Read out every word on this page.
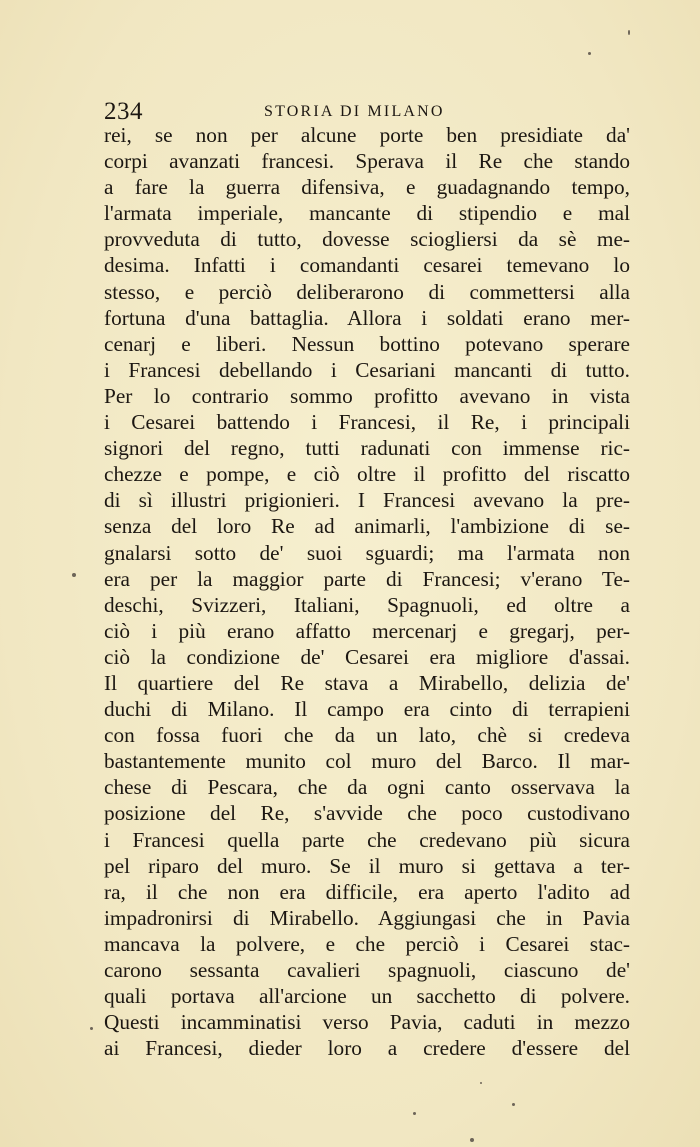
234	STORIA DI MILANO
rei, se non per alcune porte ben presidiate da'
corpi avanzati francesi. Sperava il Re che stando
a fare la guerra difensiva, e guadagnando tempo,
l'armata imperiale, mancante di stipendio e mal
provveduta di tutto, dovesse sciogliersi da sè me-
desima. Infatti i comandanti cesarei temevano lo
stesso, e perciò deliberarono di commettersi alla
fortuna d'una battaglia. Allora i soldati erano mer-
cenarj e liberi. Nessun bottino potevano sperare
i Francesi debellando i Cesariani mancanti di tutto.
Per lo contrario sommo profitto avevano in vista
i Cesarei battendo i Francesi, il Re, i principali
signori del regno, tutti radunati con immense ric-
chezze e pompe, e ciò oltre il profitto del riscatto
di sì illustri prigionieri. I Francesi avevano la pre-
senza del loro Re ad animarli, l'ambizione di se-
gnalarsi sotto de' suoi sguardi; ma l'armata non
era per la maggior parte di Francesi; v'erano Te-
deschi, Svizzeri, Italiani, Spagnuoli, ed oltre a
ciò i più erano affatto mercenarj e gregarj, per-
ciò la condizione de' Cesarei era migliore d'assai.
Il quartiere del Re stava a Mirabello, delizia de'
duchi di Milano. Il campo era cinto di terrapieni
con fossa fuori che da un lato, chè si credeva
bastantemente munito col muro del Barco. Il mar-
chese di Pescara, che da ogni canto osservava la
posizione del Re, s'avvide che poco custodivano
i Francesi quella parte che credevano più sicura
pel riparo del muro. Se il muro si gettava a ter-
ra, il che non era difficile, era aperto l'adito ad
impadronirsi di Mirabello. Aggiungasi che in Pavia
mancava la polvere, e che perciò i Cesarei stac-
carono sessanta cavalieri spagnuoli, ciascuno de'
quali portava all'arcione un sacchetto di polvere.
Questi incamminatisi verso Pavia, caduti in mezzo
ai Francesi, dieder loro a credere d'essere del
